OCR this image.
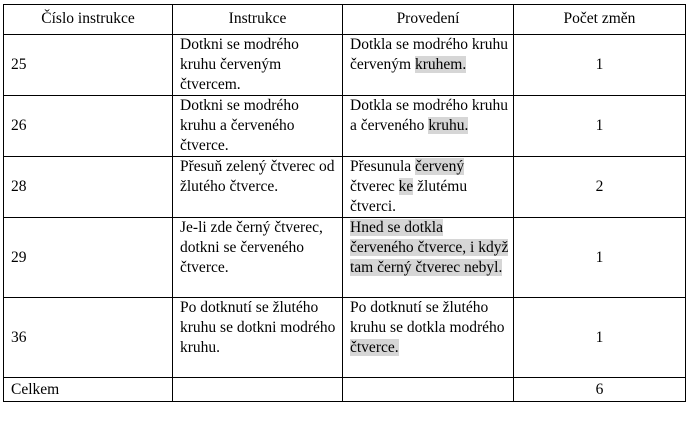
Číslo instrukce	Instrukce	Provedení	Počet změn
25	Dotkni se modrého kruhu červeným čtvercem.	Dotkla se modrého kruhu červeným kruhem.	1
26	Dotkni se modrého kruhu a červeného čtverce.	Dotkla se modrého kruhu a červeného kruhu.	1
28	Přesuň zelený čtverec od žlutého čtverce.	Přesunula červený čtverec ke žlutému čtverci.	2
29	Je-li zde černý čtverec, dotkni se červeného čtverce.	Hned se dotkla červeného čtverce, i když tam černý čtverec nebyl.	1
36	Po dotknutí se žlutého kruhu se dotkni modrého kruhu.	Po dotknutí se žlutého kruhu se dotkla modrého čtverce.	1
Celkem			6
